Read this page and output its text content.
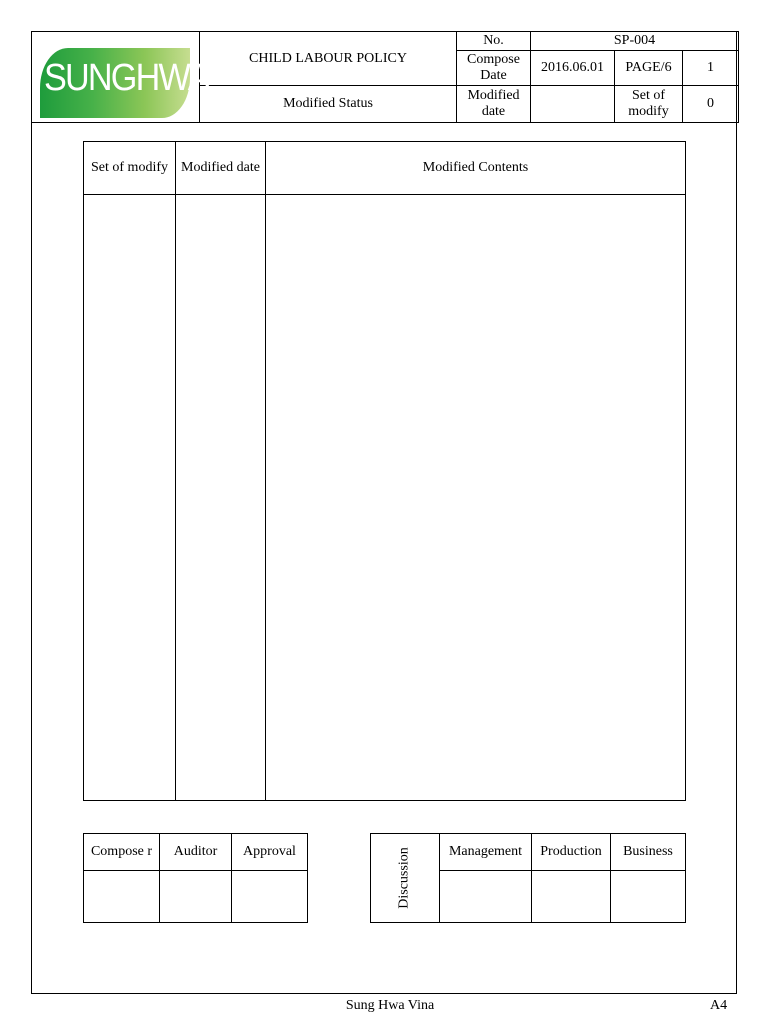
SUNGHWA	CHILD LABOUR POLICY	No.	SP-004		
		Compose Date	2016.06.01	PAGE/6	1
	Modified Status	Modified date		Set of modify	0
Set of modify	Modified date	Modified Contents

Compose r	Auditor	Approval
			Discussion	Management	Production	Business

Sung Hwa Vina	A4
